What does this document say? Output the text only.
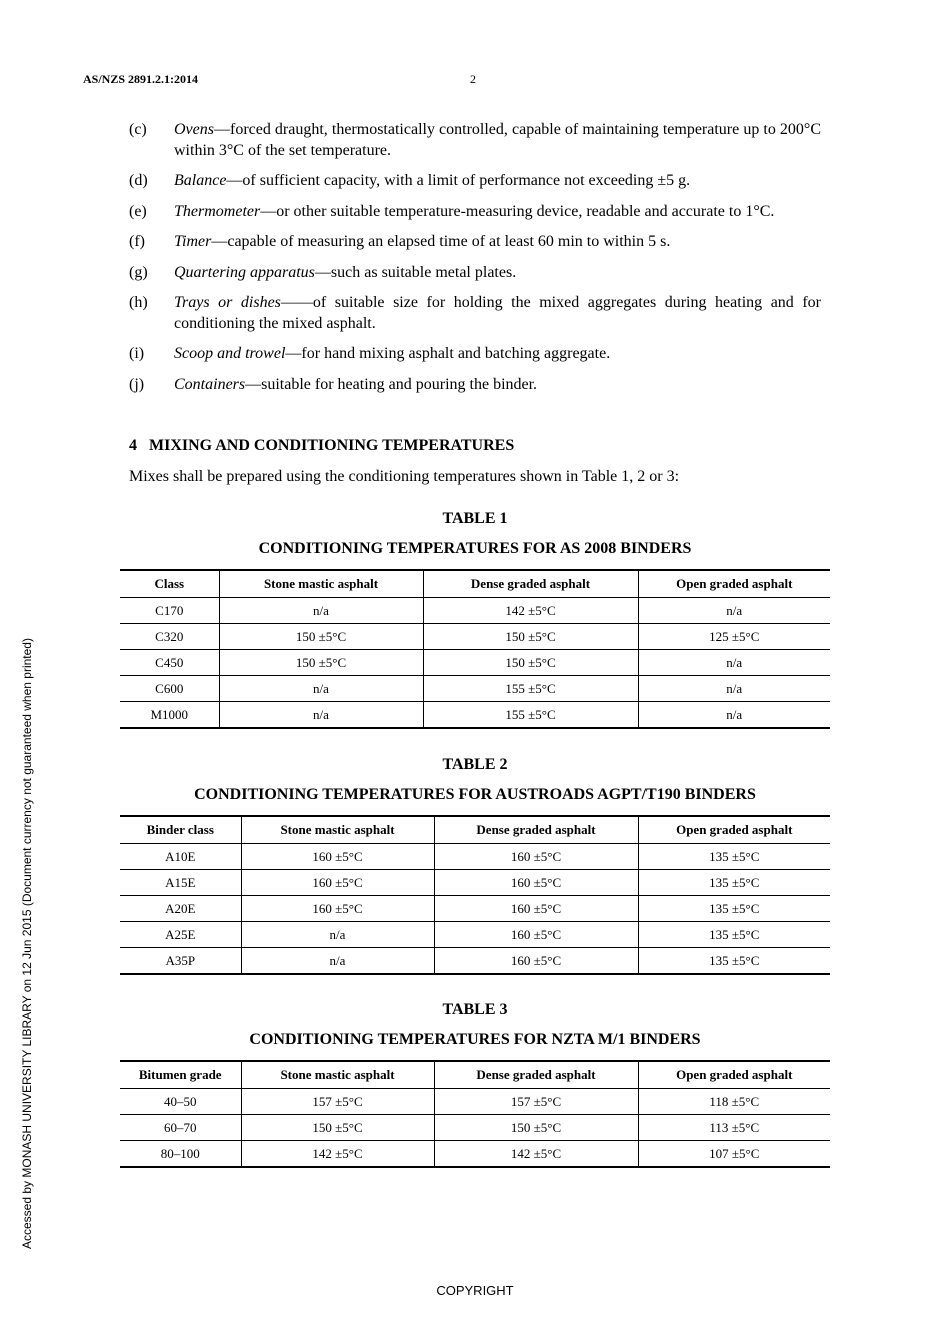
AS/NZS 2891.2.1:2014	2
Accessed by MONASH UNIVERSITY LIBRARY on 12 Jun 2015 (Document currency not guaranteed when printed)
(c)	Ovens—forced draught, thermostatically controlled, capable of maintaining temperature up to 200°C within 3°C of the set temperature.
(d)	Balance—of sufficient capacity, with a limit of performance not exceeding ±5 g.
(e)	Thermometer—or other suitable temperature-measuring device, readable and accurate to 1°C.
(f)	Timer—capable of measuring an elapsed time of at least 60 min to within 5 s.
(g)	Quartering apparatus—such as suitable metal plates.
(h)	Trays or dishes——of suitable size for holding the mixed aggregates during heating and for conditioning the mixed asphalt.
(i)	Scoop and trowel—for hand mixing asphalt and batching aggregate.
(j)	Containers—suitable for heating and pouring the binder.
4 MIXING AND CONDITIONING TEMPERATURES
Mixes shall be prepared using the conditioning temperatures shown in Table 1, 2 or 3:
TABLE 1
CONDITIONING TEMPERATURES FOR AS 2008 BINDERS
Class	Stone mastic asphalt	Dense graded asphalt	Open graded asphalt
C170	n/a	142 ±5°C	n/a
C320	150 ±5°C	150 ±5°C	125 ±5°C
C450	150 ±5°C	150 ±5°C	n/a
C600	n/a	155 ±5°C	n/a
M1000	n/a	155 ±5°C	n/a
TABLE 2
CONDITIONING TEMPERATURES FOR AUSTROADS AGPT/T190 BINDERS
Binder class	Stone mastic asphalt	Dense graded asphalt	Open graded asphalt
A10E	160 ±5°C	160 ±5°C	135 ±5°C
A15E	160 ±5°C	160 ±5°C	135 ±5°C
A20E	160 ±5°C	160 ±5°C	135 ±5°C
A25E	n/a	160 ±5°C	135 ±5°C
A35P	n/a	160 ±5°C	135 ±5°C
TABLE 3
CONDITIONING TEMPERATURES FOR NZTA M/1 BINDERS
Bitumen grade	Stone mastic asphalt	Dense graded asphalt	Open graded asphalt
40–50	157 ±5°C	157 ±5°C	118 ±5°C
60–70	150 ±5°C	150 ±5°C	113 ±5°C
80–100	142 ±5°C	142 ±5°C	107 ±5°C
COPYRIGHT
